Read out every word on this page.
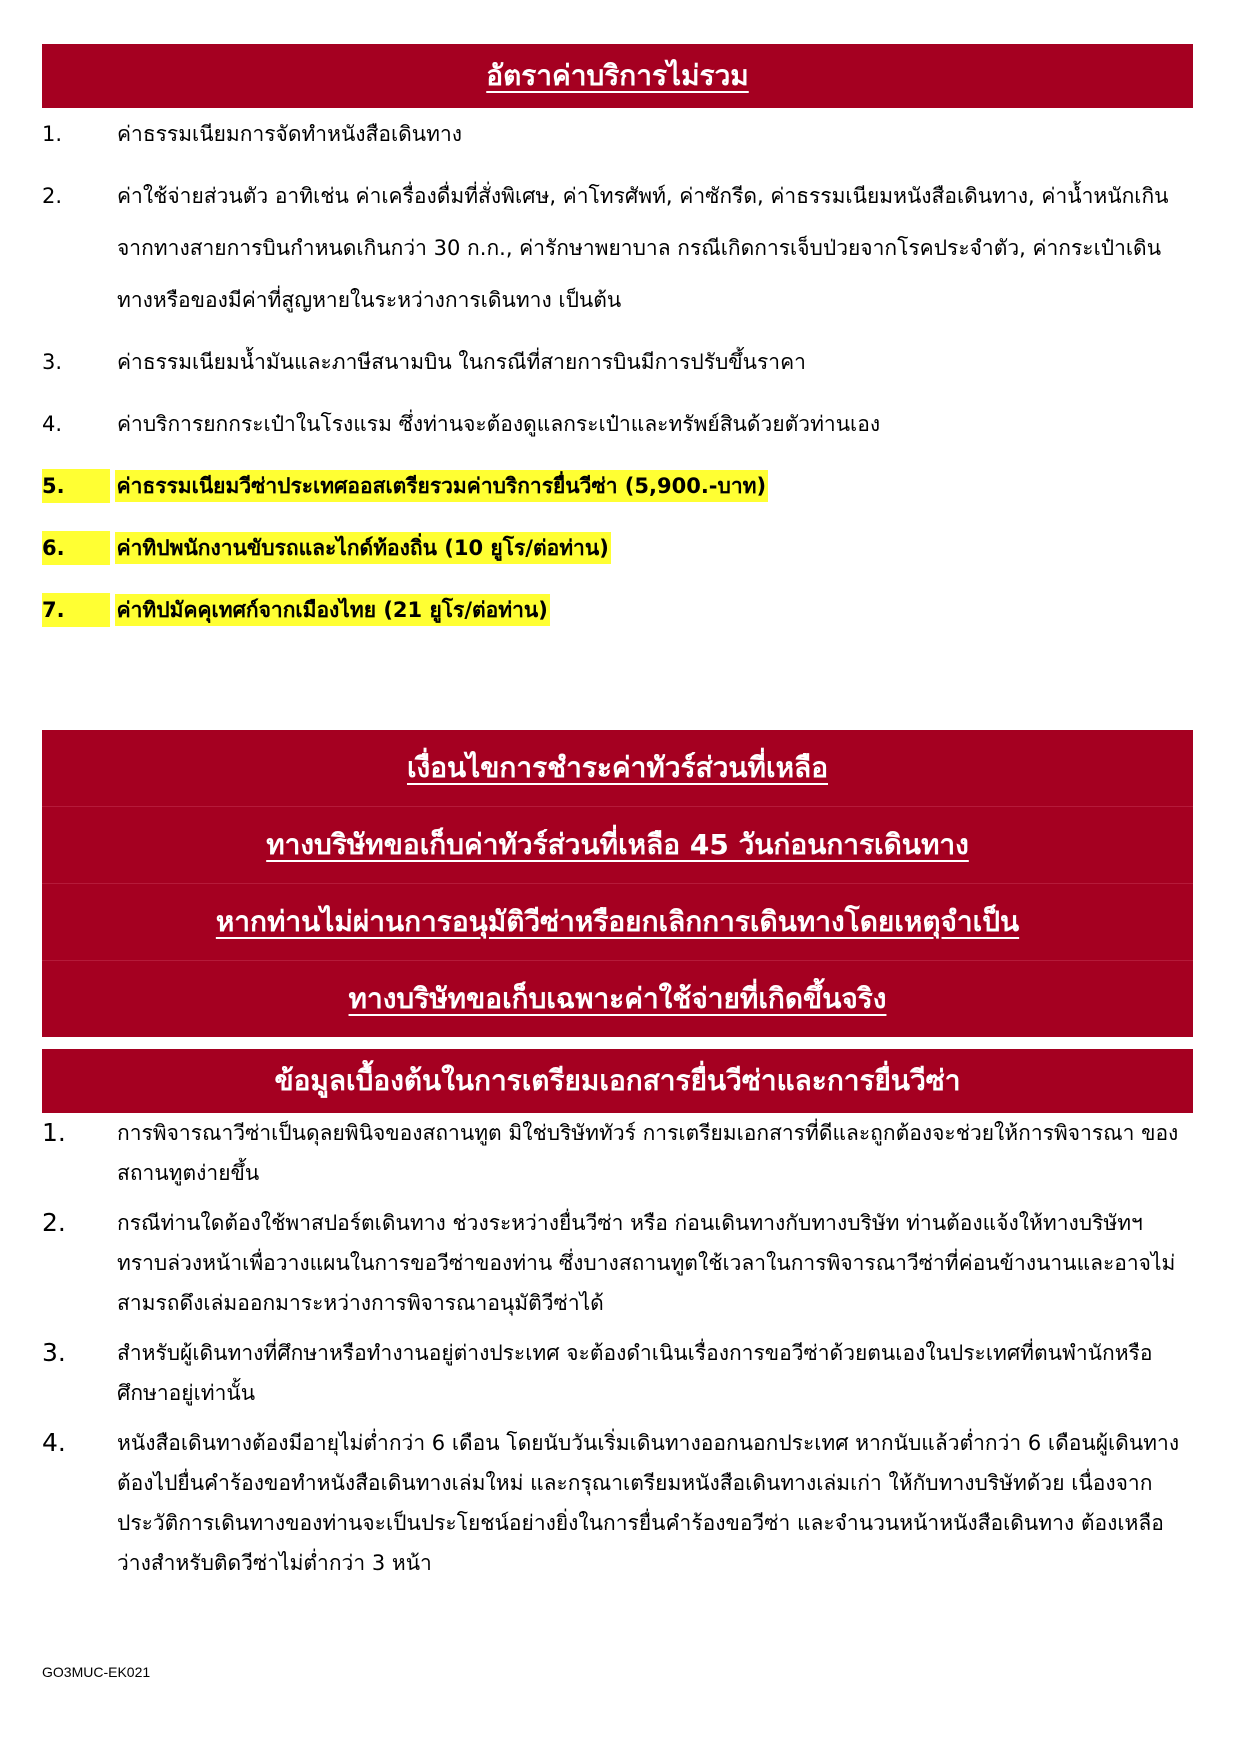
อัตราค่าบริการไม่รวม
1.	ค่าธรรมเนียมการจัดทำหนังสือเดินทาง
2.	ค่าใช้จ่ายส่วนตัว อาทิเช่น ค่าเครื่องดื่มที่สั่งพิเศษ, ค่าโทรศัพท์, ค่าซักรีด, ค่าธรรมเนียมหนังสือเดินทาง, ค่าน้ำหนักเกินจากทางสายการบินกำหนดเกินกว่า 30 ก.ก., ค่ารักษาพยาบาล กรณีเกิดการเจ็บป่วยจากโรคประจำตัว, ค่ากระเป๋าเดินทางหรือของมีค่าที่สูญหายในระหว่างการเดินทาง เป็นต้น
3.	ค่าธรรมเนียมน้ำมันและภาษีสนามบิน ในกรณีที่สายการบินมีการปรับขึ้นราคา
4.	ค่าบริการยกกระเป๋าในโรงแรม ซึ่งท่านจะต้องดูแลกระเป๋าและทรัพย์สินด้วยตัวท่านเอง
5.	ค่าธรรมเนียมวีซ่าประเทศออสเตรียรวมค่าบริการยื่นวีซ่า (5,900.-บาท)
6.	ค่าทิปพนักงานขับรถและไกด์ท้องถิ่น (10 ยูโร/ต่อท่าน)
7.	ค่าทิปมัคคุเทศก์จากเมืองไทย (21 ยูโร/ต่อท่าน)
เงื่อนไขการชำระค่าทัวร์ส่วนที่เหลือ
ทางบริษัทขอเก็บค่าทัวร์ส่วนที่เหลือ 45 วันก่อนการเดินทาง
หากท่านไม่ผ่านการอนุมัติวีซ่าหรือยกเลิกการเดินทางโดยเหตุจำเป็น
ทางบริษัทขอเก็บเฉพาะค่าใช้จ่ายที่เกิดขึ้นจริง
ข้อมูลเบื้องต้นในการเตรียมเอกสารยื่นวีซ่าและการยื่นวีซ่า
1.	การพิจารณาวีซ่าเป็นดุลยพินิจของสถานทูต มิใช่บริษัททัวร์ การเตรียมเอกสารที่ดีและถูกต้องจะช่วยให้การพิจารณา ของสถานทูตง่ายขึ้น
2.	กรณีท่านใดต้องใช้พาสปอร์ตเดินทาง ช่วงระหว่างยื่นวีซ่า หรือ ก่อนเดินทางกับทางบริษัท ท่านต้องแจ้งให้ทางบริษัทฯ ทราบล่วงหน้าเพื่อวางแผนในการขอวีซ่าของท่าน ซึ่งบางสถานทูตใช้เวลาในการพิจารณาวีซ่าที่ค่อนข้างนานและอาจไม่สามรถดึงเล่มออกมาระหว่างการพิจารณาอนุมัติวีซ่าได้
3.	สำหรับผู้เดินทางที่ศึกษาหรือทำงานอยู่ต่างประเทศ จะต้องดำเนินเรื่องการขอวีซ่าด้วยตนเองในประเทศที่ตนพำนักหรือศึกษาอยู่เท่านั้น
4.	หนังสือเดินทางต้องมีอายุไม่ต่ำกว่า 6 เดือน โดยนับวันเริ่มเดินทางออกนอกประเทศ หากนับแล้วต่ำกว่า 6 เดือนผู้เดินทางต้องไปยื่นคำร้องขอทำหนังสือเดินทางเล่มใหม่ และกรุณาเตรียมหนังสือเดินทางเล่มเก่า ให้กับทางบริษัทด้วย เนื่องจากประวัติการเดินทางของท่านจะเป็นประโยชน์อย่างยิ่งในการยื่นคำร้องขอวีซ่า และจำนวนหน้าหนังสือเดินทาง ต้องเหลือว่างสำหรับติดวีซ่าไม่ต่ำกว่า 3 หน้า
GO3MUC-EK021
